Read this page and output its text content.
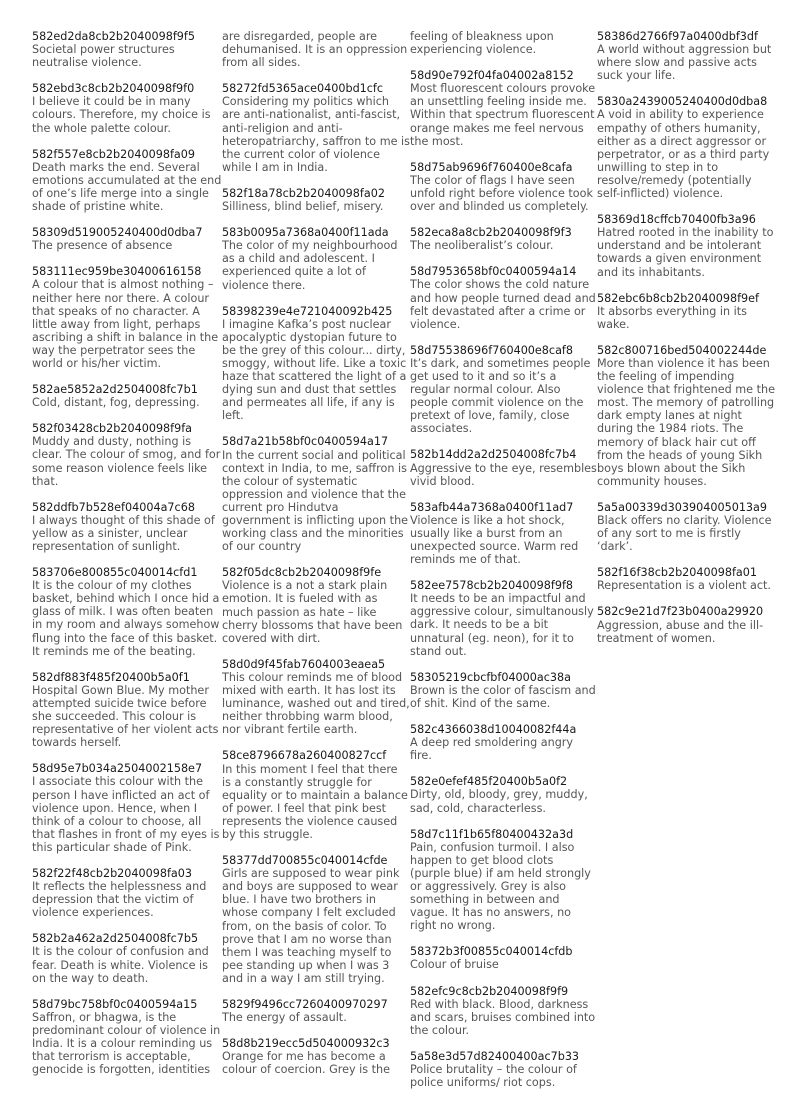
582ed2da8cb2b2040098f9f5
Societal power structures neutralise violence.
582ebd3c8cb2b2040098f9f0
I believe it could be in many colours. Therefore, my choice is the whole palette colour.
582f557e8cb2b2040098fa09
Death marks the end. Several emotions accumulated at the end of one’s life merge into a single shade of pristine white.
58309d519005240400d0dba7
The presence of absence
583111ec959be30400616158
A colour that is almost nothing – neither here nor there. A colour that speaks of no character. A little away from light, perhaps ascribing a shift in balance in the way the perpetrator sees the world or his/her victim.
582ae5852a2d2504008fc7b1
Cold, distant, fog, depressing.
582f03428cb2b2040098f9fa
Muddy and dusty, nothing is clear. The colour of smog, and for some reason violence feels like that.
582ddfb7b528ef04004a7c68
I always thought of this shade of yellow as a sinister, unclear representation of sunlight.
583706e800855c040014cfd1
It is the colour of my clothes basket, behind which I once hid a glass of milk. I was often beaten in my room and always somehow flung into the face of this basket. It reminds me of the beating.
582df883f485f20400b5a0f1
Hospital Gown Blue. My mother attempted suicide twice before she succeeded. This colour is representative of her violent acts towards herself.
58d95e7b034a2504002158e7
I associate this colour with the person I have inflicted an act of violence upon. Hence, when I think of a colour to choose, all that flashes in front of my eyes is this particular shade of Pink.
582f22f48cb2b2040098fa03
It reflects the helplessness and depression that the victim of violence experiences.
582b2a462a2d2504008fc7b5
It is the colour of confusion and fear. Death is white. Violence is on the way to death.
58d79bc758bf0c0400594a15
Saffron, or bhagwa, is the predominant colour of violence in India. It is a colour reminding us that terrorism is acceptable, genocide is forgotten, identities
are disregarded, people are dehumanised. It is an oppression from all sides.
58272fd5365ace0400bd1cfc
Considering my politics which are anti-nationalist, anti-fascist, anti-religion and anti-heteropatriarchy, saffron to me is the current color of violence while I am in India.
582f18a78cb2b2040098fa02
Silliness, blind belief, misery.
583b0095a7368a0400f11ada
The color of my neighbourhood as a child and adolescent. I experienced quite a lot of violence there.
58398239e4e721040092b425
I imagine Kafka’s post nuclear apocalyptic dystopian future to be the grey of this colour... dirty, smoggy, without life. Like a toxic haze that scattered the light of a dying sun and dust that settles and permeates all life, if any is left.
58d7a21b58bf0c0400594a17
In the current social and political context in India, to me, saffron is the colour of systematic oppression and violence that the current pro Hindutva government is inflicting upon the working class and the minorities of our country
582f05dc8cb2b2040098f9fe
Violence is a not a stark plain emotion. It is fueled with as much passion as hate – like cherry blossoms that have been covered with dirt.
58d0d9f45fab7604003eaea5
This colour reminds me of blood mixed with earth. It has lost its luminance, washed out and tired, neither throbbing warm blood, nor vibrant fertile earth.
58ce8796678a260400827ccf
In this moment I feel that there is a constantly struggle for equality or to maintain a balance of power. I feel that pink best represents the violence caused by this struggle.
58377dd700855c040014cfde
Girls are supposed to wear pink and boys are supposed to wear blue. I have two brothers in whose company I felt excluded from, on the basis of color. To prove that I am no worse than them I was teaching myself to pee standing up when I was 3 and in a way I am still trying.
5829f9496cc7260400970297
The energy of assault.
58d8b219ecc5d504000932c3
Orange for me has become a colour of coercion. Grey is the
feeling of bleakness upon experiencing violence.
58d90e792f04fa04002a8152
Most fluorescent colours provoke an unsettling feeling inside me. Within that spectrum fluorescent orange makes me feel nervous the most.
58d75ab9696f760400e8cafa
The color of flags I have seen unfold right before violence took over and blinded us completely.
582eca8a8cb2b2040098f9f3
The neoliberalist’s colour.
58d7953658bf0c0400594a14
The color shows the cold nature and how people turned dead and felt devastated after a crime or violence.
58d75538696f760400e8caf8
It’s dark, and sometimes people get used to it and so it’s a regular normal colour. Also people commit violence on the pretext of love, family, close associates.
582b14dd2a2d2504008fc7b4
Aggressive to the eye, resembles vivid blood.
583afb44a7368a0400f11ad7
Violence is like a hot shock, usually like a burst from an unexpected source. Warm red reminds me of that.
582ee7578cb2b2040098f9f8
It needs to be an impactful and aggressive colour, simultanously dark. It needs to be a bit unnatural (eg. neon), for it to stand out.
58305219cbcfbf04000ac38a
Brown is the color of fascism and of shit. Kind of the same.
582c4366038d10040082f44a
A deep red smoldering angry fire.
582e0efef485f20400b5a0f2
Dirty, old, bloody, grey, muddy, sad, cold, characterless.
58d7c11f1b65f80400432a3d
Pain, confusion turmoil. I also happen to get blood clots (purple blue) if am held strongly or aggressively. Grey is also something in between and vague. It has no answers, no right no wrong.
58372b3f00855c040014cfdb
Colour of bruise
582efc9c8cb2b2040098f9f9
Red with black. Blood, darkness and scars, bruises combined into the colour.
5a58e3d57d82400400ac7b33
Police brutality – the colour of police uniforms/ riot cops.
58386d2766f97a0400dbf3df
A world without aggression but where slow and passive acts suck your life.
5830a2439005240400d0dba8
A void in ability to experience empathy of others humanity, either as a direct aggressor or perpetrator, or as a third party unwilling to step in to resolve/remedy (potentially self-inflicted) violence.
58369d18cffcb70400fb3a96
Hatred rooted in the inability to understand and be intolerant towards a given environment and its inhabitants.
582ebc6b8cb2b2040098f9ef
It absorbs everything in its wake.
582c800716bed504002244de
More than violence it has been the feeling of impending violence that frightened me the most. The memory of patrolling dark empty lanes at night during the 1984 riots. The memory of black hair cut off from the heads of young Sikh boys blown about the Sikh community houses.
5a5a00339d303904005013a9
Black offers no clarity. Violence of any sort to me is firstly ‘dark’.
582f16f38cb2b2040098fa01
Representation is a violent act.
582c9e21d7f23b0400a29920
Aggression, abuse and the ill-treatment of women.
